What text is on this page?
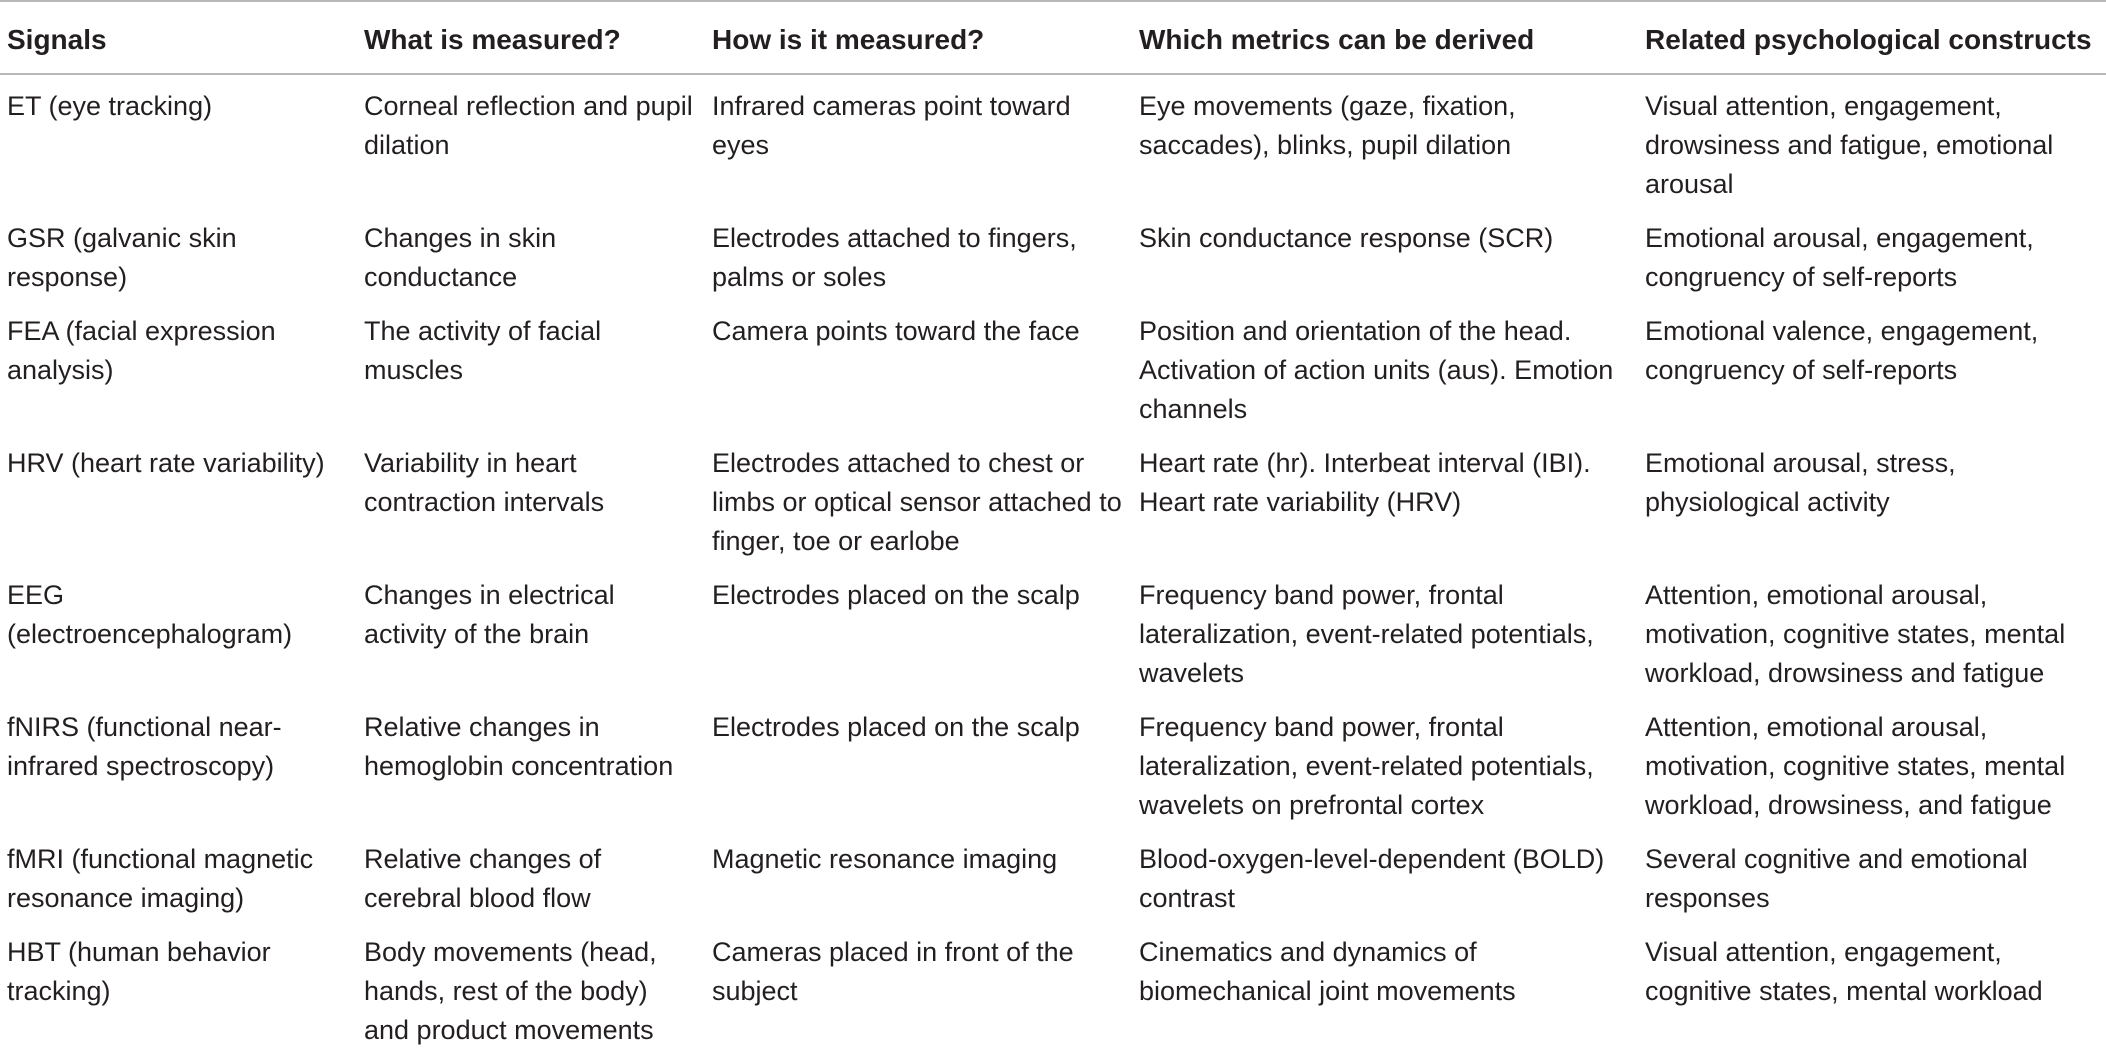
Signals	What is measured?	How is it measured?	Which metrics can be derived	Related psychological constructs
ET (eye tracking)	Corneal reflection and pupil dilation	Infrared cameras point toward eyes	Eye movements (gaze, fixation, saccades), blinks, pupil dilation	Visual attention, engagement, drowsiness and fatigue, emotional arousal
GSR (galvanic skin response)	Changes in skin conductance	Electrodes attached to fingers, palms or soles	Skin conductance response (SCR)	Emotional arousal, engagement, congruency of self-reports
FEA (facial expression analysis)	The activity of facial muscles	Camera points toward the face	Position and orientation of the head. Activation of action units (aus). Emotion channels	Emotional valence, engagement, congruency of self-reports
HRV (heart rate variability)	Variability in heart contraction intervals	Electrodes attached to chest or limbs or optical sensor attached to finger, toe or earlobe	Heart rate (hr). Interbeat interval (IBI). Heart rate variability (HRV)	Emotional arousal, stress, physiological activity
EEG (electroencephalogram)	Changes in electrical activity of the brain	Electrodes placed on the scalp	Frequency band power, frontal lateralization, event-related potentials, wavelets	Attention, emotional arousal, motivation, cognitive states, mental workload, drowsiness and fatigue
fNIRS (functional near-infrared spectroscopy)	Relative changes in hemoglobin concentration	Electrodes placed on the scalp	Frequency band power, frontal lateralization, event-related potentials, wavelets on prefrontal cortex	Attention, emotional arousal, motivation, cognitive states, mental workload, drowsiness, and fatigue
fMRI (functional magnetic resonance imaging)	Relative changes of cerebral blood flow	Magnetic resonance imaging	Blood-oxygen-level-dependent (BOLD) contrast	Several cognitive and emotional responses
HBT (human behavior tracking)	Body movements (head, hands, rest of the body) and product movements	Cameras placed in front of the subject	Cinematics and dynamics of biomechanical joint movements	Visual attention, engagement, cognitive states, mental workload
